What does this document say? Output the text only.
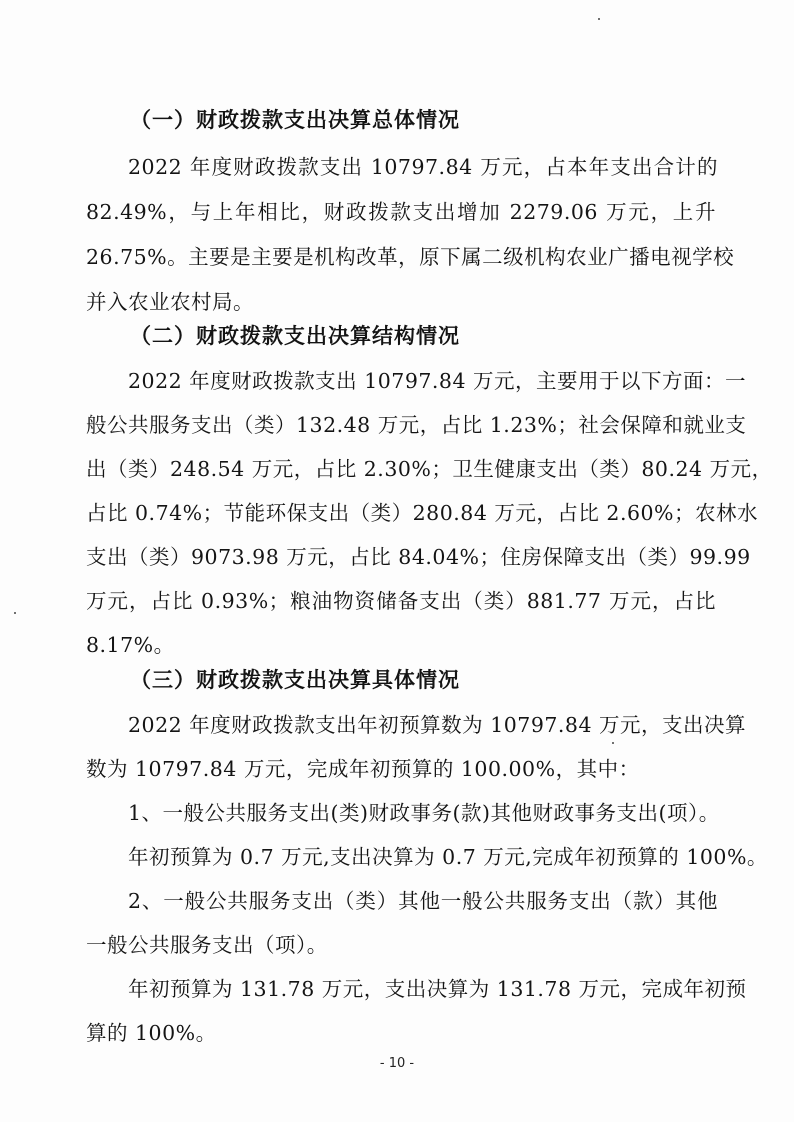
（一）财政拨款支出决算总体情况
2022 年度财政拨款支出 10797.84 万元，占本年支出合计的
82.49%，与上年相比，财政拨款支出增加 2279.06 万元，上升
26.75%。主要是主要是机构改革，原下属二级机构农业广播电视学校
并入农业农村局。
（二）财政拨款支出决算结构情况
2022 年度财政拨款支出 10797.84 万元，主要用于以下方面：一
般公共服务支出（类）132.48 万元，占比 1.23%；社会保障和就业支
出（类）248.54 万元，占比 2.30%；卫生健康支出（类）80.24 万元，
占比 0.74%；节能环保支出（类）280.84 万元，占比 2.60%；农林水
支出（类）9073.98 万元，占比 84.04%；住房保障支出（类）99.99
万元，占比 0.93%；粮油物资储备支出（类）881.77 万元，占比
8.17%。
（三）财政拨款支出决算具体情况
2022 年度财政拨款支出年初预算数为 10797.84 万元，支出决算
数为 10797.84 万元，完成年初预算的 100.00%，其中：
1、一般公共服务支出(类)财政事务(款)其他财政事务支出(项）。
年初预算为 0.7 万元,支出决算为 0.7 万元,完成年初预算的 100%。
2、一般公共服务支出（类）其他一般公共服务支出（款）其他
一般公共服务支出（项）。
年初预算为 131.78 万元，支出决算为 131.78 万元，完成年初预
算的 100%。
- 10 -
